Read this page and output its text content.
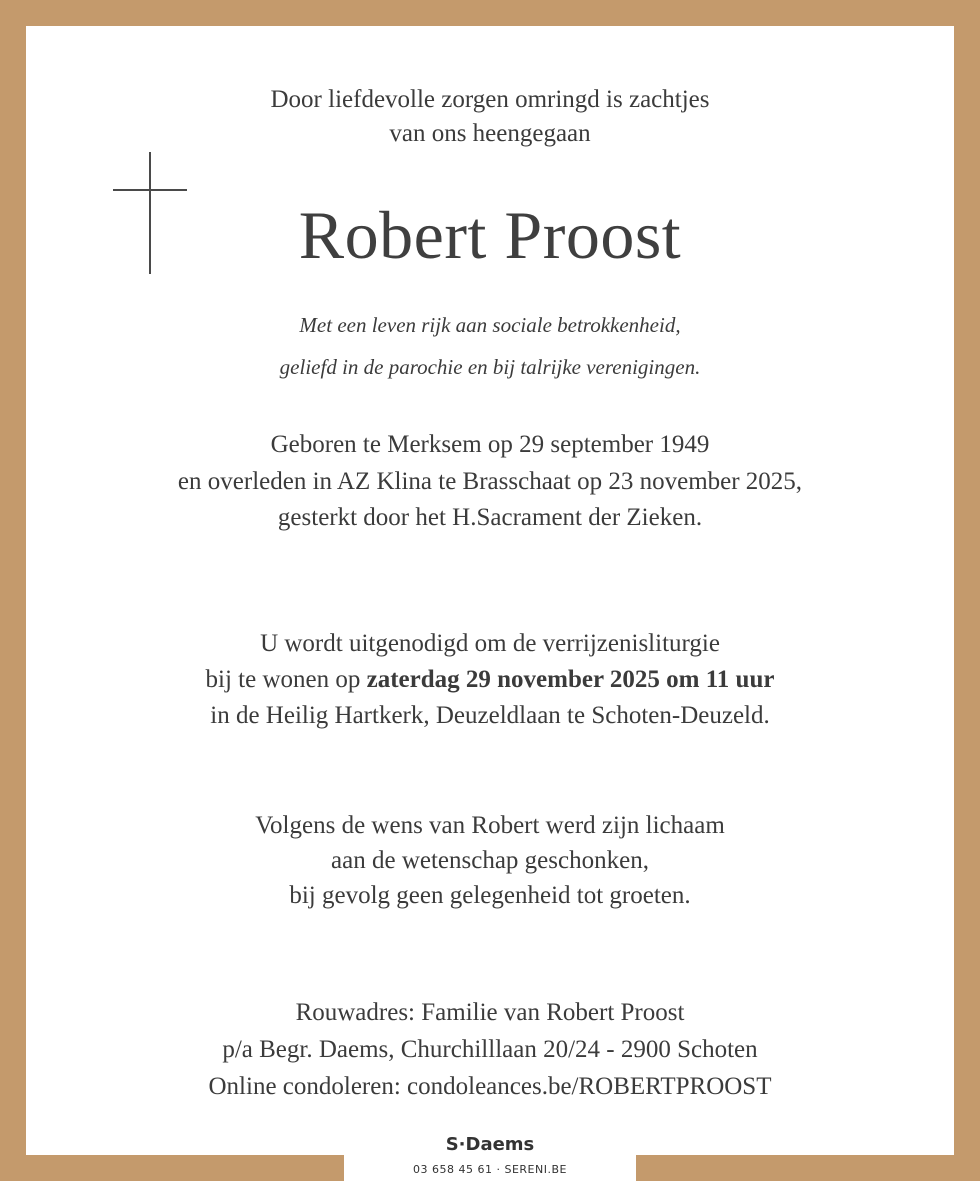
Door liefdevolle zorgen omringd is zachtjes
van ons heengegaan
Robert Proost
Met een leven rijk aan sociale betrokkenheid,
geliefd in de parochie en bij talrijke verenigingen.
Geboren te Merksem op 29 september 1949
en overleden in AZ Klina te Brasschaat op 23 november 2025,
gesterkt door het H.Sacrament der Zieken.
U wordt uitgenodigd om de verrijzenisliturgie
bij te wonen op zaterdag 29 november 2025 om 11 uur
in de Heilig Hartkerk, Deuzeldlaan te Schoten-Deuzeld.
Volgens de wens van Robert werd zijn lichaam
aan de wetenschap geschonken,
bij gevolg geen gelegenheid tot groeten.
Rouwadres: Familie van Robert Proost
p/a Begr. Daems, Churchilllaan 20/24 - 2900 Schoten
Online condoleren: condoleances.be/ROBERTPROOST
S·Daems
03 658 45 61 · SERENI.BE
